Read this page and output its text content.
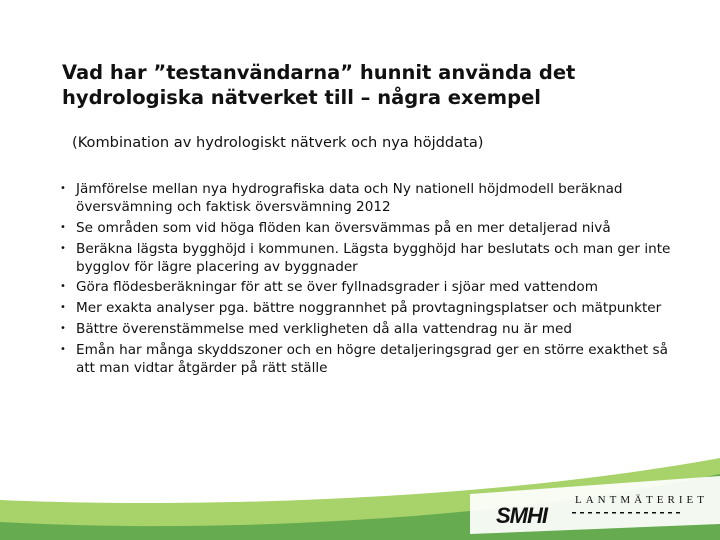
Vad har ”testanvändarna” hunnit använda det
hydrologiska nätverket till – några exempel
(Kombination av hydrologiskt nätverk och nya höjddata)
• Jämförelse mellan nya hydrografiska data och Ny nationell höjdmodell beräknad översvämning och faktisk översvämning 2012
• Se områden som vid höga flöden kan översvämmas på en mer detaljerad nivå
• Beräkna lägsta bygghöjd i kommunen. Lägsta bygghöjd har beslutats och man ger inte bygglov för lägre placering av byggnader
• Göra flödesberäkningar för att se över fyllnadsgrader i sjöar med vattendom
• Mer exakta analyser pga. bättre noggrannhet på provtagningsplatser och mätpunkter
• Bättre överenstämmelse med verkligheten då alla vattendrag nu är med
• Emån har många skyddszoner och en högre detaljeringsgrad ger en större exakthet så att man vidtar åtgärder på rätt ställe
SMHI
LANTMÄTERIET
